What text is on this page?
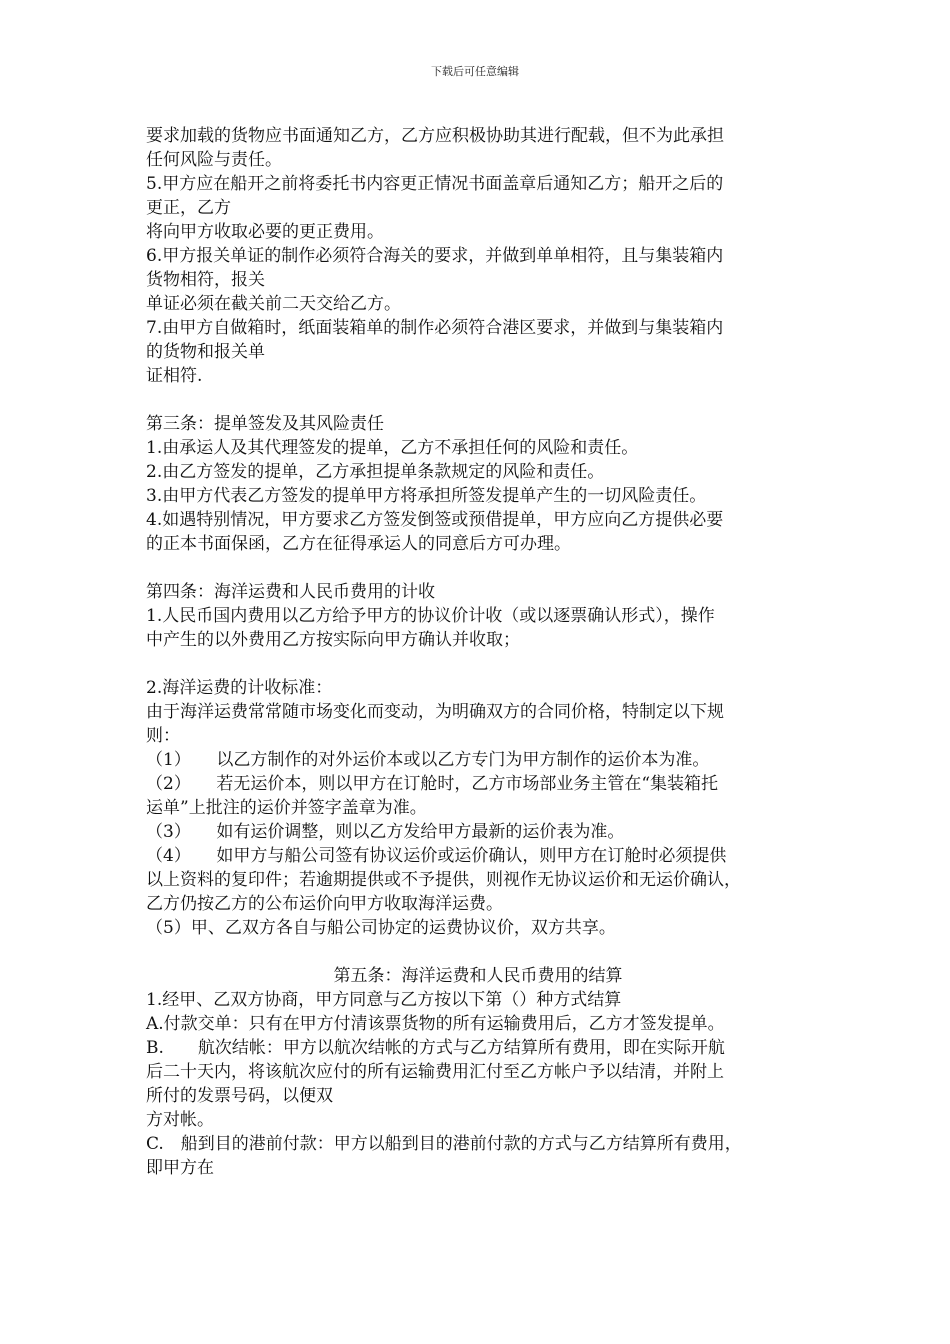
下载后可任意编辑
要求加载的货物应书面通知乙方，乙方应积极协助其进行配载，但不为此承担
任何风险与责任。
5.甲方应在船开之前将委托书内容更正情况书面盖章后通知乙方；船开之后的
更正，乙方
将向甲方收取必要的更正费用。
6.甲方报关单证的制作必须符合海关的要求，并做到单单相符，且与集装箱内
货物相符，报关
单证必须在截关前二天交给乙方。
7.由甲方自做箱时，纸面装箱单的制作必须符合港区要求，并做到与集装箱内
的货物和报关单
证相符.
第三条：提单签发及其风险责任
1.由承运人及其代理签发的提单，乙方不承担任何的风险和责任。
2.由乙方签发的提单，乙方承担提单条款规定的风险和责任。
3.由甲方代表乙方签发的提单甲方将承担所签发提单产生的一切风险责任。
4.如遇特别情况，甲方要求乙方签发倒签或预借提单，甲方应向乙方提供必要
的正本书面保函，乙方在征得承运人的同意后方可办理。
第四条：海洋运费和人民币费用的计收
1.人民币国内费用以乙方给予甲方的协议价计收（或以逐票确认形式），操作
中产生的以外费用乙方按实际向甲方确认并收取；
2.海洋运费的计收标准：
由于海洋运费常常随市场变化而变动，为明确双方的合同价格，特制定以下规
则：
（1）　　以乙方制作的对外运价本或以乙方专门为甲方制作的运价本为准。
（2）　　若无运价本，则以甲方在订舱时，乙方市场部业务主管在“集装箱托
运单”上批注的运价并签字盖章为准。
（3）　　如有运价调整，则以乙方发给甲方最新的运价表为准。
（4）　　如甲方与船公司签有协议运价或运价确认，则甲方在订舱时必须提供
以上资料的复印件；若逾期提供或不予提供，则视作无协议运价和无运价确认，
乙方仍按乙方的公布运价向甲方收取海洋运费。
（5）甲、乙双方各自与船公司协定的运费协议价，双方共享。
第五条：海洋运费和人民币费用的结算
1.经甲、乙双方协商，甲方同意与乙方按以下第（）种方式结算
A.付款交单：只有在甲方付清该票货物的所有运输费用后，乙方才签发提单。
B.　　航次结帐：甲方以航次结帐的方式与乙方结算所有费用，即在实际开航
后二十天内，将该航次应付的所有运输费用汇付至乙方帐户予以结清，并附上
所付的发票号码，以便双
方对帐。
C.　船到目的港前付款：甲方以船到目的港前付款的方式与乙方结算所有费用，
即甲方在
